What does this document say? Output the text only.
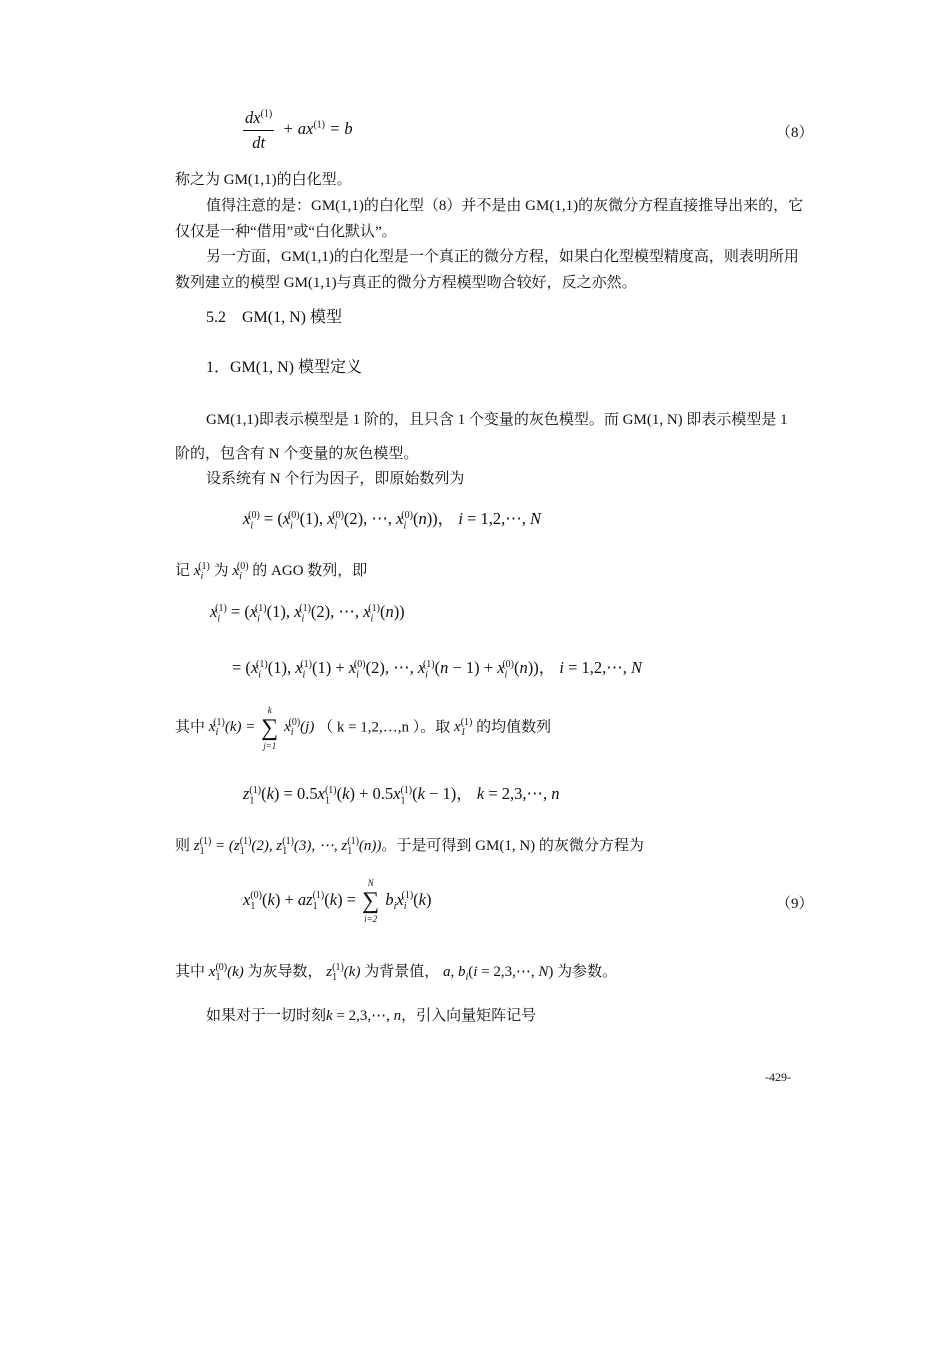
$\frac{dx^{(1)}}{dt} + ax^{(1)} = b$	（8）

称之为 GM(1,1)的白化型。

值得注意的是：GM(1,1)的白化型（8）并不是由 GM(1,1)的灰微分方程直接推导出来的，它仅仅是一种“借用”或“白化默认”。

另一方面，GM(1,1)的白化型是一个真正的微分方程，如果白化型模型精度高，则表明所用数列建立的模型 GM(1,1)与真正的微分方程模型吻合较好，反之亦然。

5.2　GM(1, N) 模型
1．GM(1, N) 模型定义

GM(1,1)即表示模型是 1 阶的，且只含 1 个变量的灰色模型。而 GM(1, N) 即表示模型是 1 阶的，包含有 N 个变量的灰色模型。

设系统有 N 个行为因子，即原始数列为

$x_i^{(0)} = (x_i^{(0)}(1)$, $x_i^{(0)}(2)$, ⋯, $x_i^{(0)}(n)$)， i = 1,2,⋯, N
记 $x_i^{(1)}$ 为 $x_i^{(0)}$ 的 AGO 数列，即
$x_i^{(1)} = (x_i^{(1)}(1)$, $x_i^{(1)}(2)$, ⋯, $x_i^{(1)}(n)$)
= ($x_i^{(1)}(1)$, $x_i^{(1)}(1) + x_i^{(0)}(2)$, ⋯, $x_i^{(1)}(n - 1) + x_i^{(0)}(n)$)， i = 1,2,⋯, N
其中 $x_i^{(1)}(k)$ =
k
∑
j=1
$x_i^{(0)}(j)$ （ k = 1,2,…,n ）。取 $x_1^{(1)}$ 的均值数列
$z_1^{(1)}(k) = 0.5x_1^{(1)}(k) + 0.5x_1^{(1)}(k - 1)$， k = 2,3,⋯, n
则 $z_1^{(1)} = (z_1^{(1)}(2)$, $z_1^{(1)}(3)$, ⋯, $z_1^{(1)}(n)$)。于是可得到 GM(1, N) 的灰微分方程为
$x_1^{(0)}(k) + az_1^{(1)}(k)$ =
N
∑
i=2
$b_ix_i^{(1)}(k)$	（9）
其中 $x_1^{(0)}(k)$ 为灰导数， $z_1^{(1)}(k)$ 为背景值， a, $b_i(i$ = 2,3,⋯, N) 为参数。
如果对于一切时刻k = 2,3,⋯, n，引入向量矩阵记号
-429-
